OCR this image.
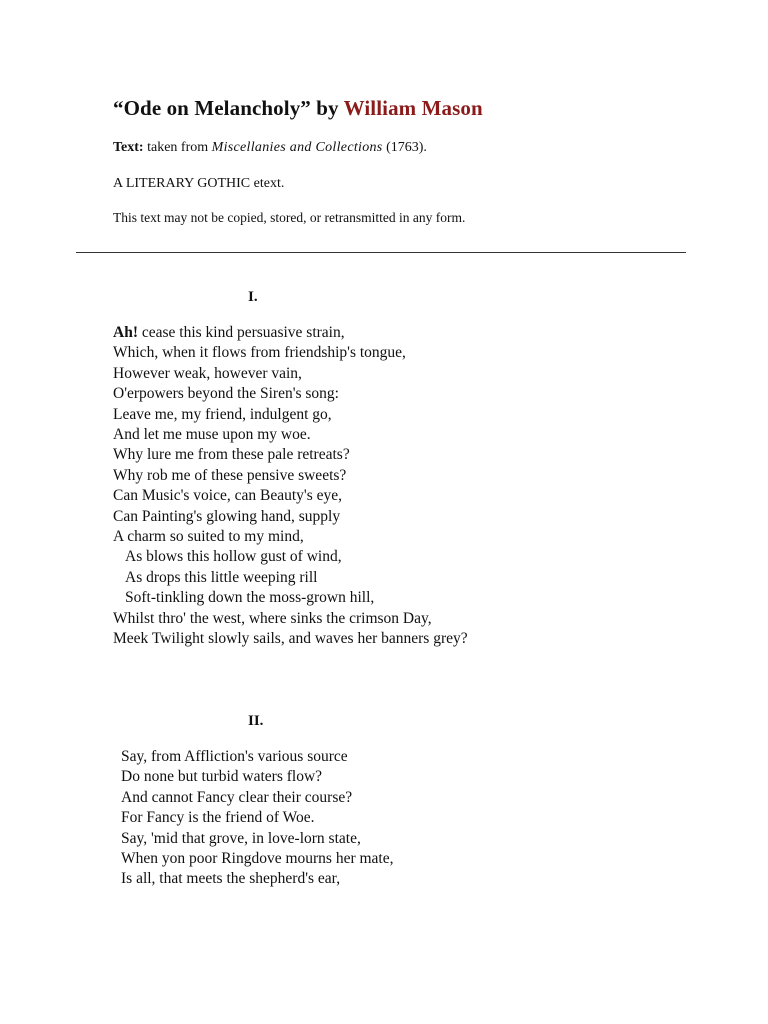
“Ode on Melancholy” by William Mason

Text: taken from Miscellanies and Collections (1763).

A LITERARY GOTHIC etext.

This text may not be copied, stored, or retransmitted in any form.

I.

Ah! cease this kind persuasive strain,
Which, when it flows from friendship's tongue,
However weak, however vain,
O'erpowers beyond the Siren's song:
Leave me, my friend, indulgent go,
And let me muse upon my woe.
Why lure me from these pale retreats?
Why rob me of these pensive sweets?
Can Music's voice, can Beauty's eye,
Can Painting's glowing hand, supply
A charm so suited to my mind,
As blows this hollow gust of wind,
As drops this little weeping rill
Soft-tinkling down the moss-grown hill,
Whilst thro' the west, where sinks the crimson Day,
Meek Twilight slowly sails, and waves her banners grey?

II.

Say, from Affliction's various source
Do none but turbid waters flow?
And cannot Fancy clear their course?
For Fancy is the friend of Woe.
Say, 'mid that grove, in love-lorn state,
When yon poor Ringdove mourns her mate,
Is all, that meets the shepherd's ear,
